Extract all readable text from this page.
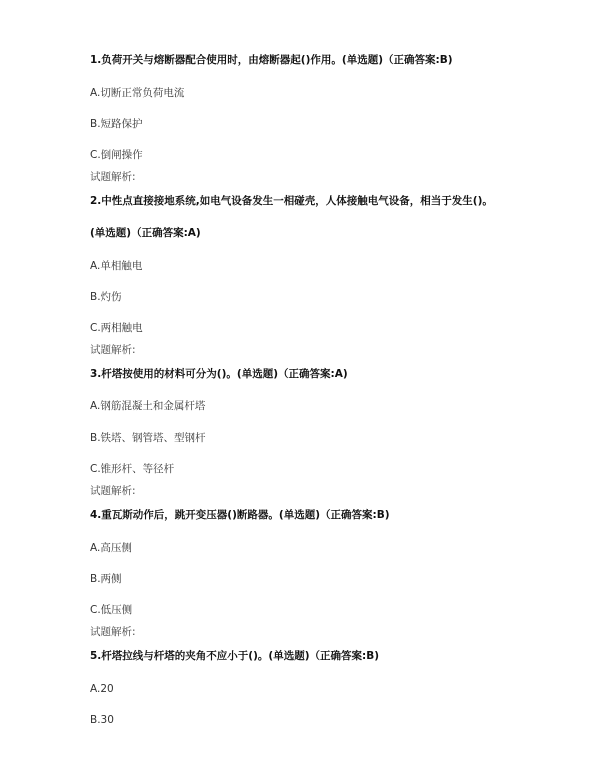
1.负荷开关与熔断器配合使用时，由熔断器起()作用。(单选题)（正确答案:B)
A.切断正常负荷电流
B.短路保护
C.倒闸操作
试题解析:
2.中性点直接接地系统,如电气设备发生一相碰壳，人体接触电气设备，相当于发生()。
(单选题)（正确答案:A)
A.单相触电
B.灼伤
C.两相触电
试题解析:
3.杆塔按使用的材料可分为()。(单选题)（正确答案:A)
A.钢筋混凝土和金属杆塔
B.铁塔、钢管塔、型钢杆
C.锥形杆、等径杆
试题解析:
4.重瓦斯动作后，跳开变压器()断路器。(单选题)（正确答案:B)
A.高压侧
B.两侧
C.低压侧
试题解析:
5.杆塔拉线与杆塔的夹角不应小于()。(单选题)（正确答案:B)
A.20
B.30
